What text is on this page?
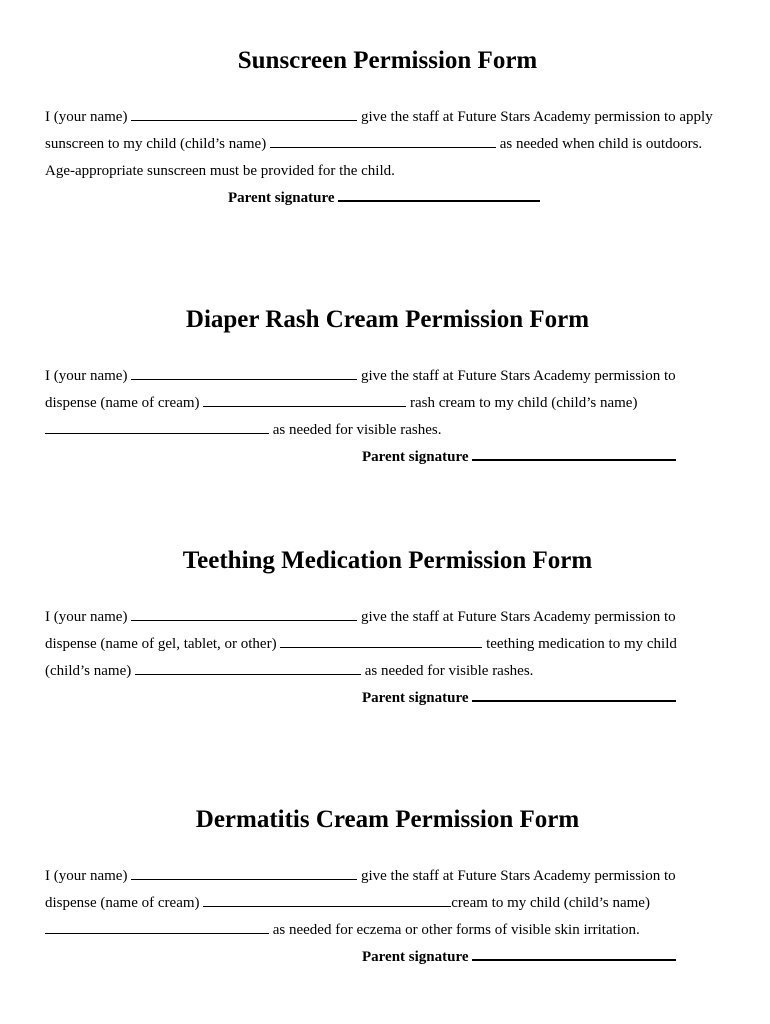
Sunscreen Permission Form
I (your name)	give the staff at Future Stars Academy permission to apply
sunscreen to my child (child’s name)	as needed when child is outdoors.
Age-appropriate sunscreen must be provided for the child.
Parent signature
Diaper Rash Cream Permission Form
I (your name)	give the staff at Future Stars Academy permission to
dispense (name of cream)	rash cream to my child (child’s name)
as needed for visible rashes.
Parent signature
Teething Medication Permission Form
I (your name)	give the staff at Future Stars Academy permission to
dispense (name of gel, tablet, or other)	teething medication to my child
(child’s name)	as needed for visible rashes.
Parent signature
Dermatitis Cream Permission Form
I (your name)	give the staff at Future Stars Academy permission to
dispense (name of cream)	cream to my child (child’s name)
as needed for eczema or other forms of visible skin irritation.
Parent signature
